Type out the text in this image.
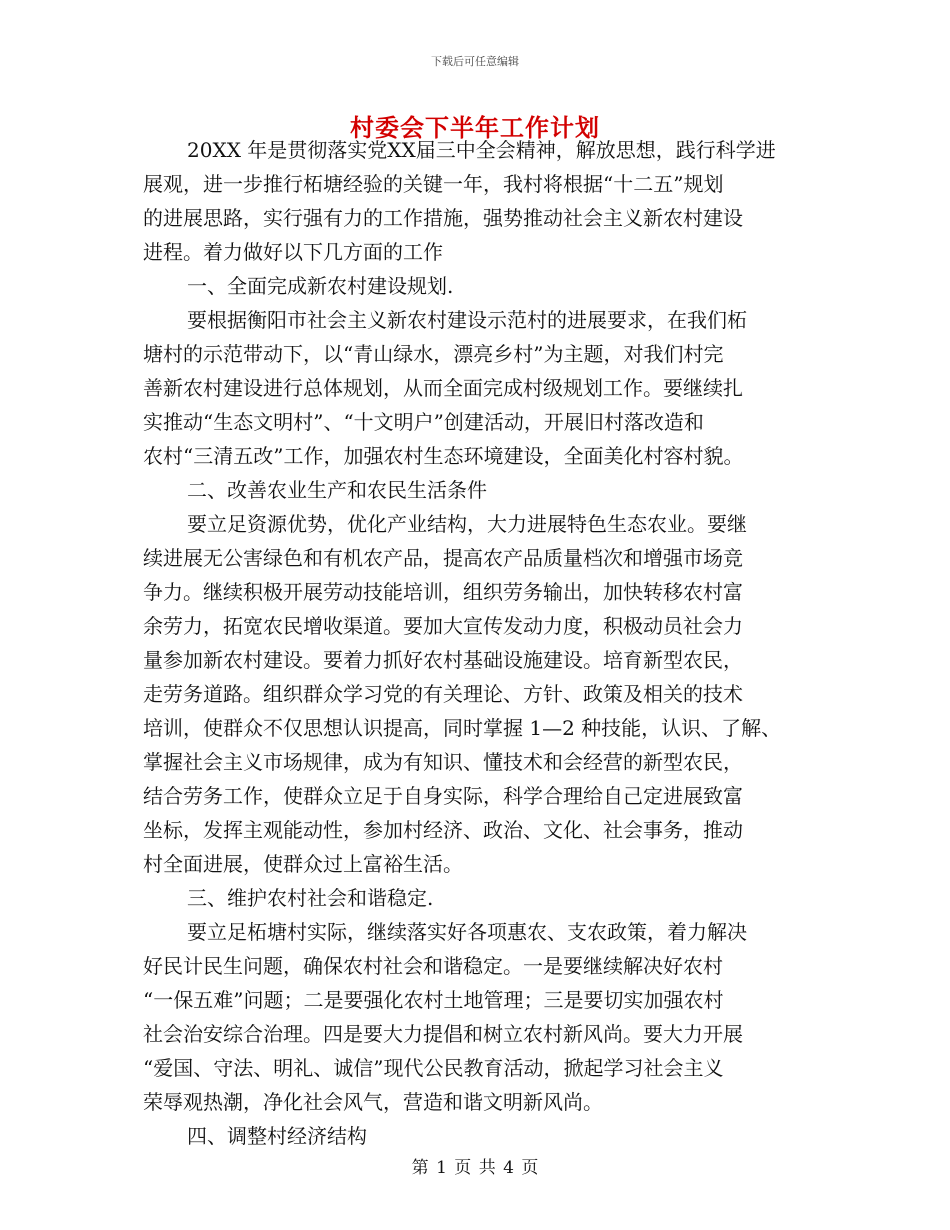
下载后可任意编辑
村委会下半年工作计划
20XX 年是贯彻落实党XX届三中全会精神，解放思想，践行科学进
展观，进一步推行柘塘经验的关键一年，我村将根据“十二五”规划
的进展思路，实行强有力的工作措施，强势推动社会主义新农村建设
进程。着力做好以下几方面的工作
一、全面完成新农村建设规划.
要根据衡阳市社会主义新农村建设示范村的进展要求，在我们柘
塘村的示范带动下，以“青山绿水，漂亮乡村”为主题，对我们村完
善新农村建设进行总体规划，从而全面完成村级规划工作。要继续扎
实推动“生态文明村”、“十文明户”创建活动，开展旧村落改造和
农村“三清五改”工作，加强农村生态环境建设，全面美化村容村貌。
二、改善农业生产和农民生活条件
要立足资源优势，优化产业结构，大力进展特色生态农业。要继
续进展无公害绿色和有机农产品，提高农产品质量档次和增强市场竞
争力。继续积极开展劳动技能培训，组织劳务输出，加快转移农村富
余劳力，拓宽农民增收渠道。要加大宣传发动力度，积极动员社会力
量参加新农村建设。要着力抓好农村基础设施建设。培育新型农民，
走劳务道路。组织群众学习党的有关理论、方针、政策及相关的技术
培训，使群众不仅思想认识提高，同时掌握 1—2 种技能，认识、了解、
掌握社会主义市场规律，成为有知识、懂技术和会经营的新型农民，
结合劳务工作，使群众立足于自身实际，科学合理给自己定进展致富
坐标，发挥主观能动性，参加村经济、政治、文化、社会事务，推动
村全面进展，使群众过上富裕生活。
三、维护农村社会和谐稳定.
要立足柘塘村实际，继续落实好各项惠农、支农政策，着力解决
好民计民生问题，确保农村社会和谐稳定。一是要继续解决好农村
“一保五难”问题；二是要强化农村土地管理；三是要切实加强农村
社会治安综合治理。四是要大力提倡和树立农村新风尚。要大力开展
“爱国、守法、明礼、诚信”现代公民教育活动，掀起学习社会主义
荣辱观热潮，净化社会风气，营造和谐文明新风尚。
四、调整村经济结构
第 1 页 共 4 页
